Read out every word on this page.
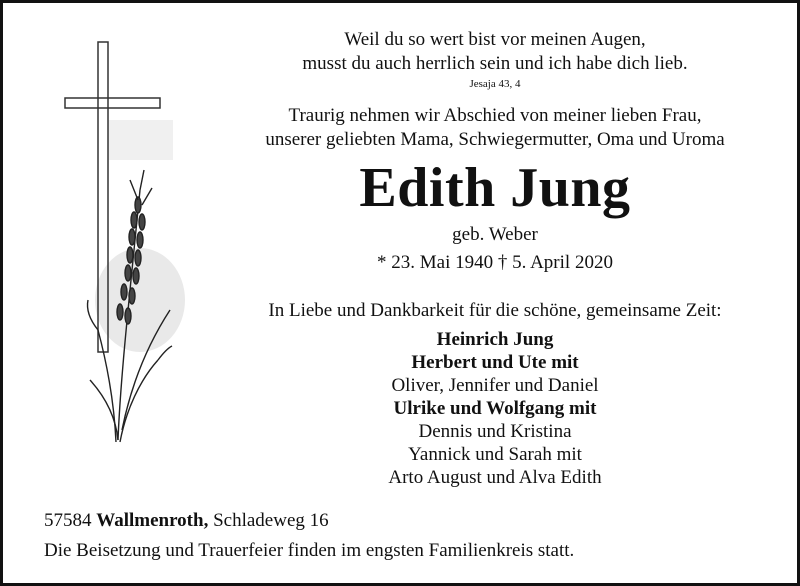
Weil du so wert bist vor meinen Augen,
musst du auch herrlich sein und ich habe dich lieb.
Jesaja 43, 4
Traurig nehmen wir Abschied von meiner lieben Frau,
unserer geliebten Mama, Schwiegermutter, Oma und Uroma
Edith Jung
geb. Weber
* 23. Mai 1940 † 5. April 2020
In Liebe und Dankbarkeit für die schöne, gemeinsame Zeit:
Heinrich Jung
Herbert und Ute mit
Oliver, Jennifer und Daniel
Ulrike und Wolfgang mit
Dennis und Kristina
Yannick und Sarah mit
Arto August und Alva Edith
57584 Wallmenroth, Schladeweg 16
Die Beisetzung und Trauerfeier finden im engsten Familienkreis statt.
